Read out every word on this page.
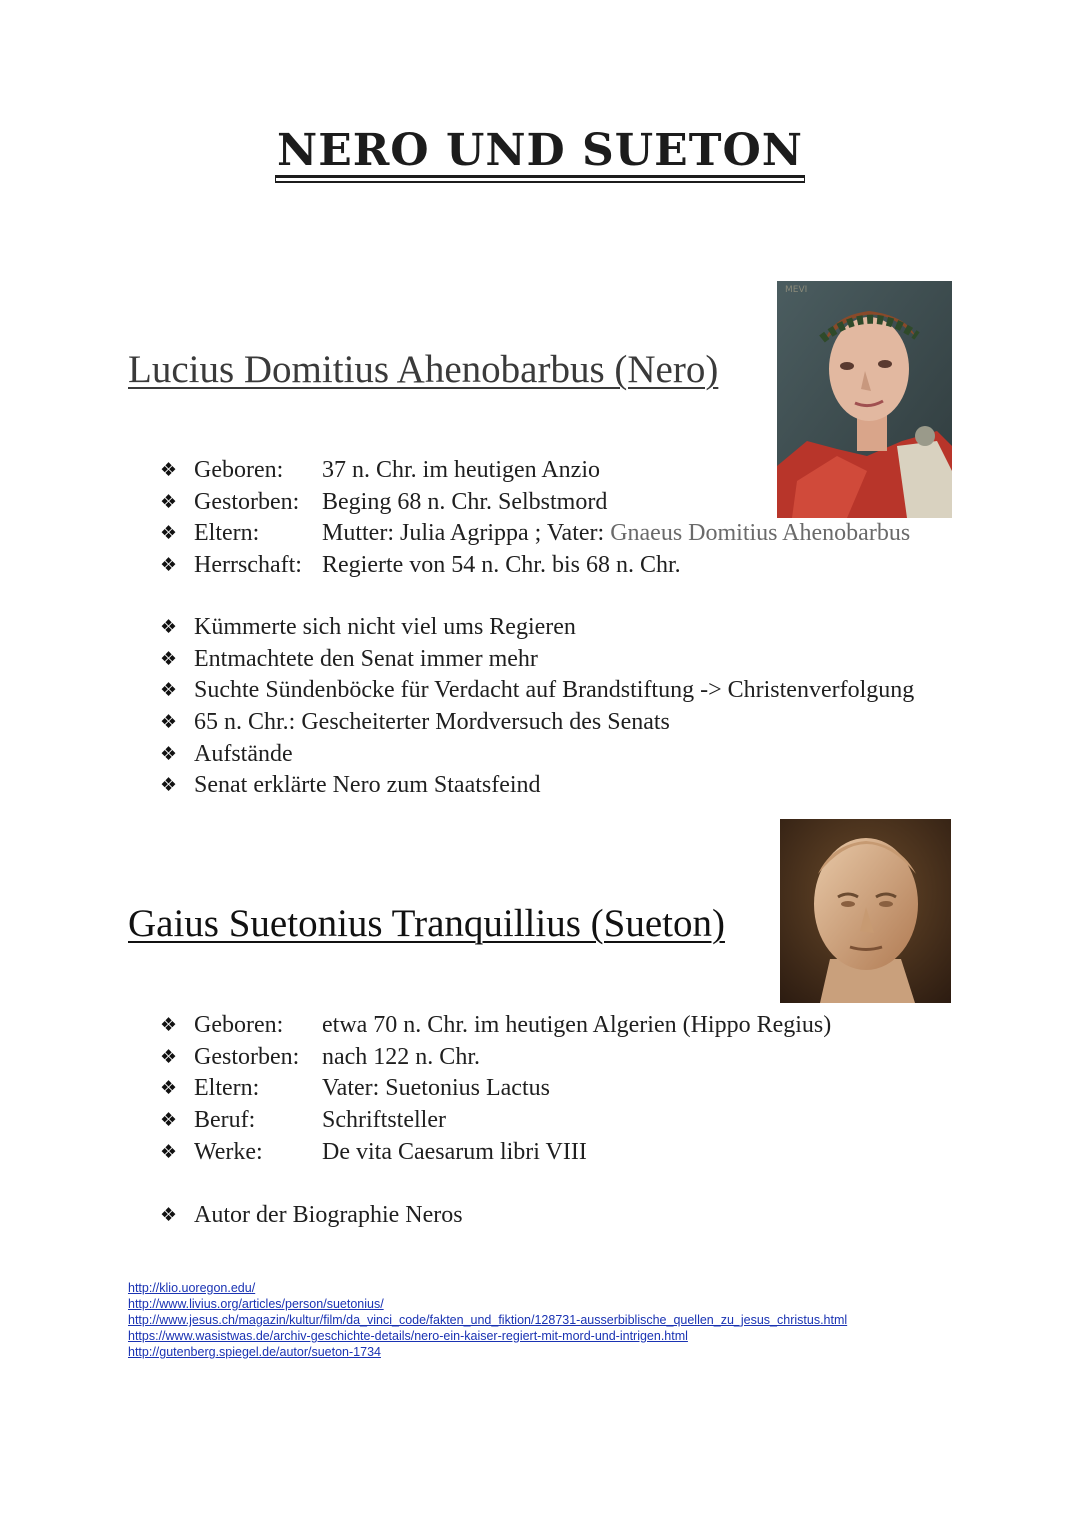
NERO UND SUETON
Lucius Domitius Ahenobarbus (Nero)
MEVI
❖ Geboren: 37 n. Chr. im heutigen Anzio
❖ Gestorben: Beging 68 n. Chr. Selbstmord
❖ Eltern:	Mutter: Julia Agrippa ; Vater: Gnaeus Domitius Ahenobarbus
❖ Herrschaft: Regierte von 54 n. Chr. bis 68 n. Chr.
❖ Kümmerte sich nicht viel ums Regieren
❖ Entmachtete den Senat immer mehr
❖ Suchte Sündenböcke für Verdacht auf Brandstiftung -> Christenverfolgung
❖ 65 n. Chr.: Gescheiterter Mordversuch des Senats
❖ Aufstände
❖ Senat erklärte Nero zum Staatsfeind
Gaius Suetonius Tranquillius (Sueton)
❖ Geboren: etwa 70 n. Chr. im heutigen Algerien (Hippo Regius)
❖ Gestorben: nach 122 n. Chr.
❖ Eltern:	Vater: Suetonius Lactus
❖ Beruf:	Schriftsteller
❖ Werke: De vita Caesarum libri VIII
❖ Autor der Biographie Neros
http://klio.uoregon.edu/
http://www.livius.org/articles/person/suetonius/
http://www.jesus.ch/magazin/kultur/film/da_vinci_code/fakten_und_fiktion/128731-ausserbiblische_quellen_zu_jesus_christus.html
https://www.wasistwas.de/archiv-geschichte-details/nero-ein-kaiser-regiert-mit-mord-und-intrigen.html
http://gutenberg.spiegel.de/autor/sueton-1734
